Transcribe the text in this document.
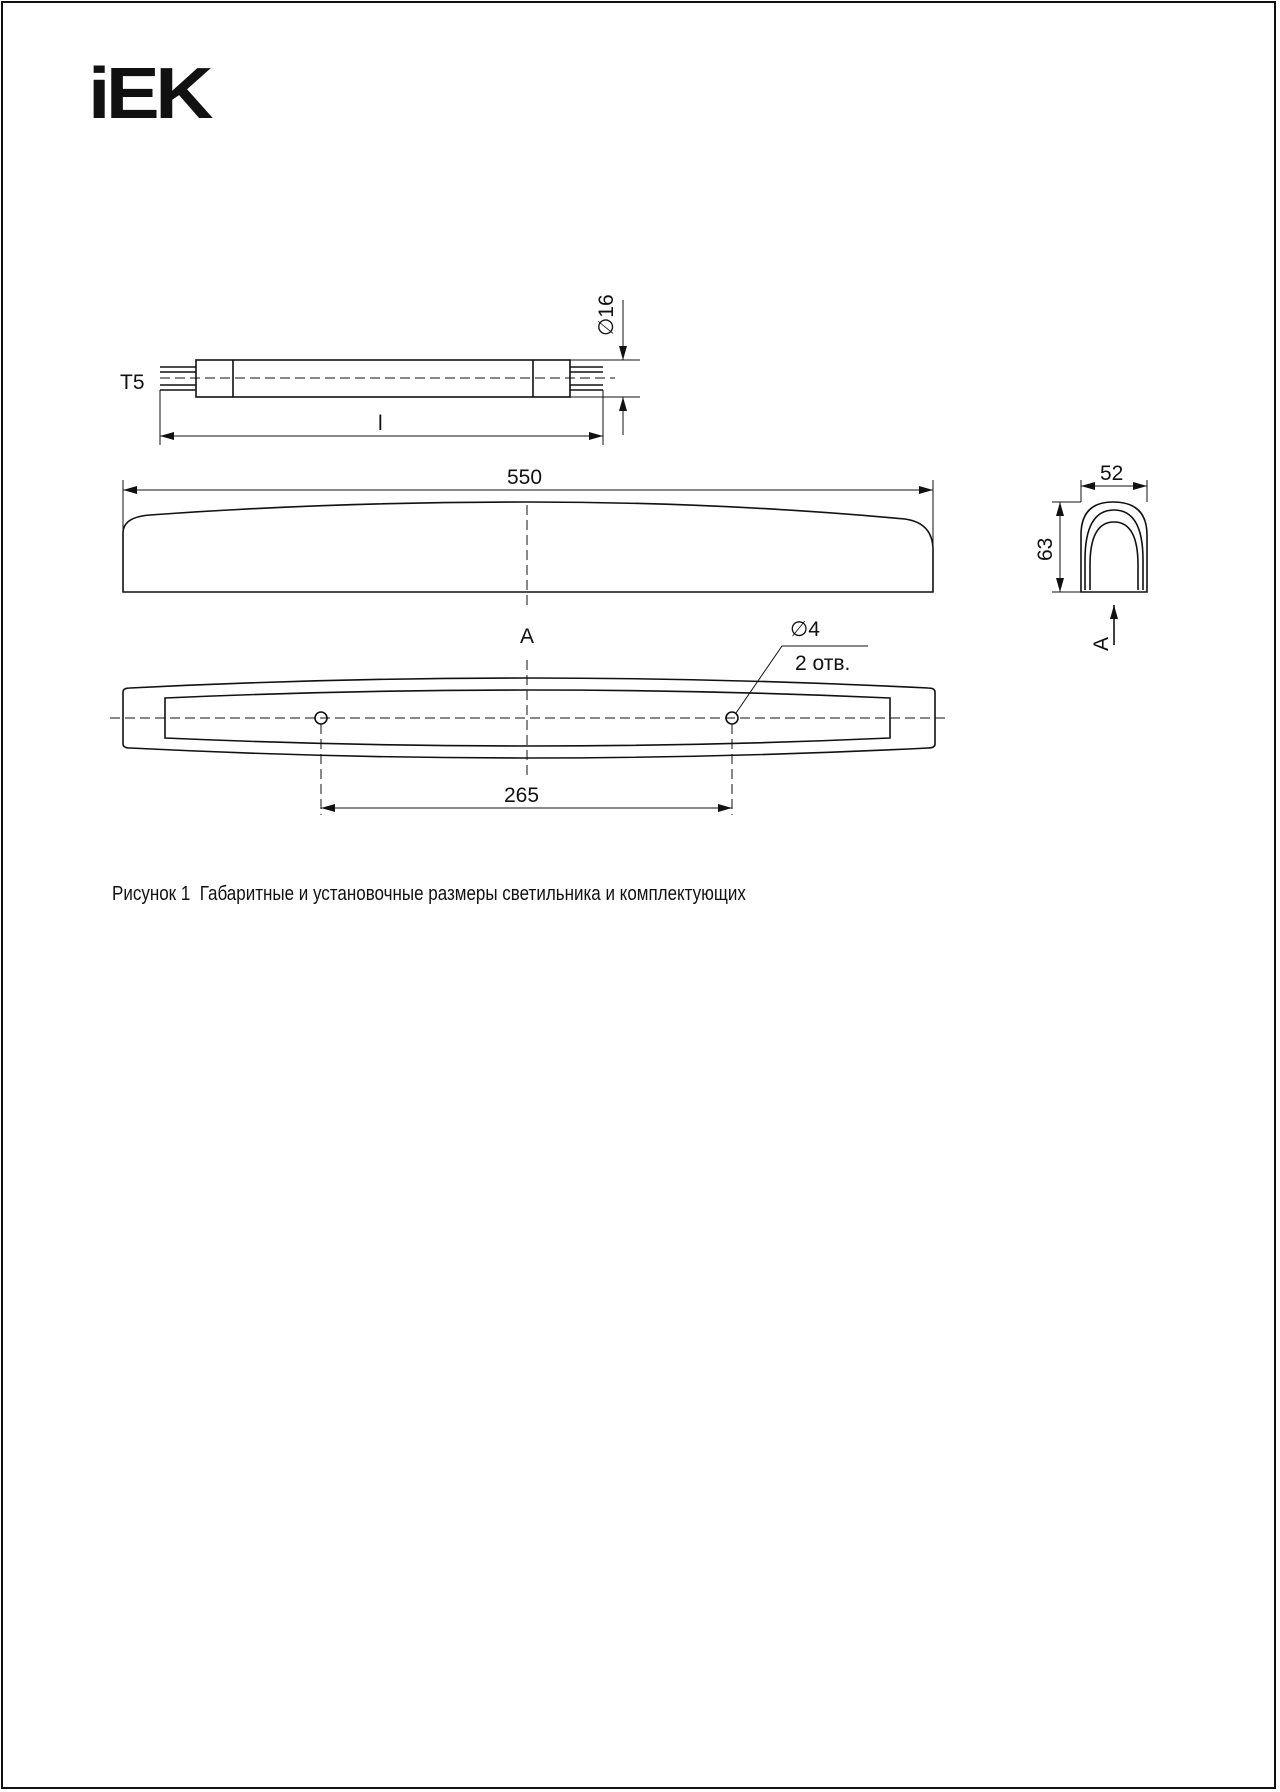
iEK
T5
∅16
l
550
A	∅4
2 отв.
265
52
63
A
Рисунок 1  Габаритные и установочные размеры светильника и комплектующих
